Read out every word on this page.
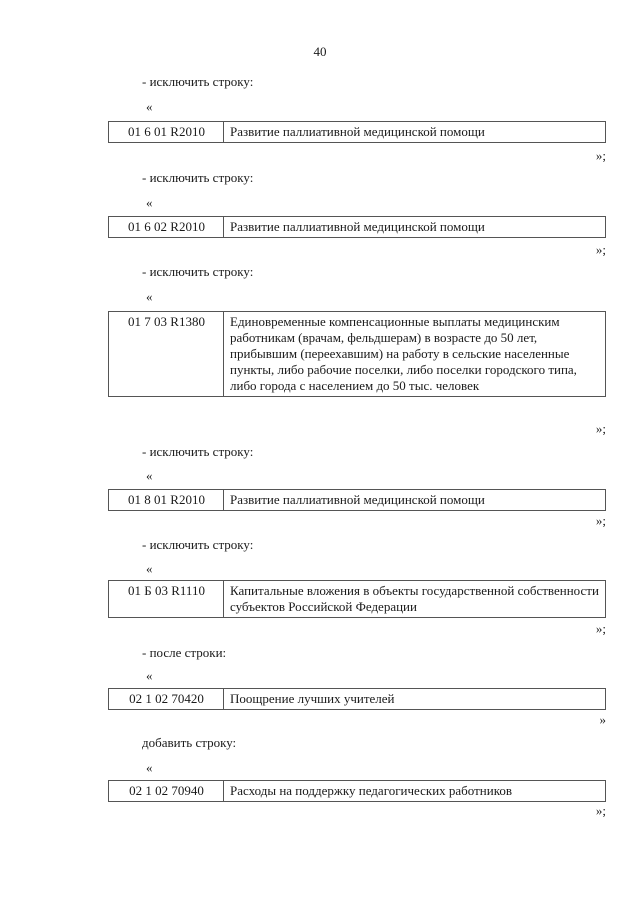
40
- исключить строку:
«
01 6 01 R2010	Развитие паллиативной медицинской помощи
»;
- исключить строку:
«
01 6 02 R2010	Развитие паллиативной медицинской помощи
»;
- исключить строку:
«
01 7 03 R1380	Единовременные компенсационные выплаты медицинским работникам (врачам, фельдшерам) в возрасте до 50 лет, прибывшим (переехавшим) на работу в сельские населенные пункты, либо рабочие поселки, либо поселки городского типа, либо города с населением до 50 тыс. человек
»;
- исключить строку:
«
01 8 01 R2010	Развитие паллиативной медицинской помощи
»;
- исключить строку:
«
01 Б 03 R1110	Капитальные вложения в объекты государственной собственности субъектов Российской Федерации
»;
- после строки:
«
02 1 02 70420	Поощрение лучших учителей
»
добавить строку:
«
02 1 02 70940	Расходы на поддержку педагогических работников
»;
